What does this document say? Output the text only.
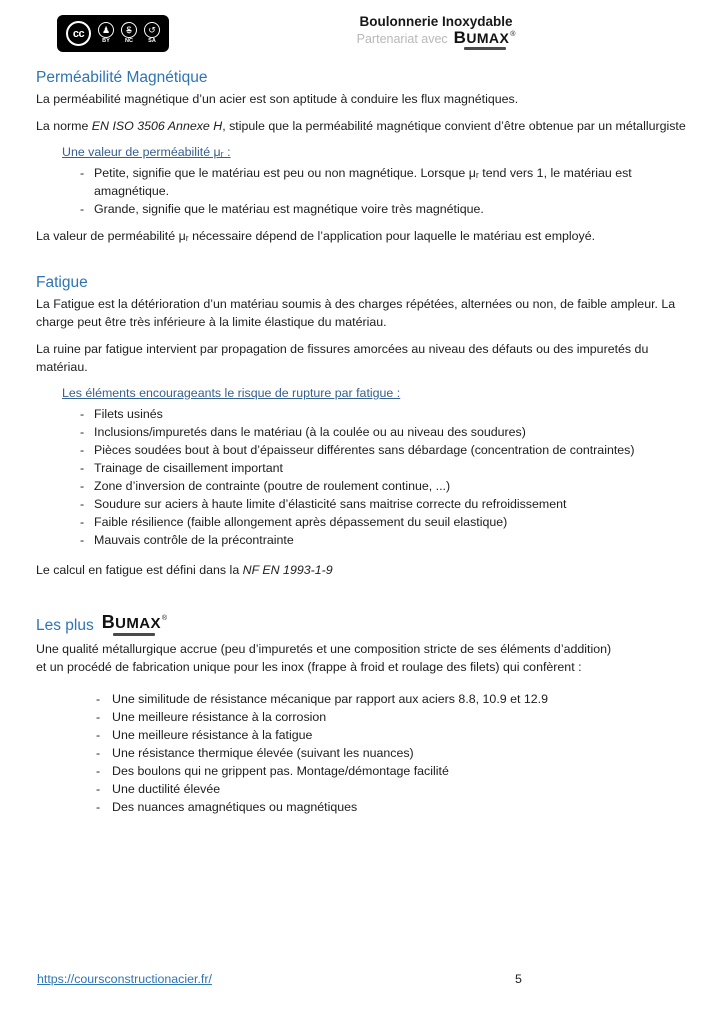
cc ♟
BY
$
NC
↺
SA
Boulonnerie Inoxydable
Partenariat avec BUMAX ®
Perméabilité Magnétique

La perméabilité magnétique d’un acier est son aptitude à conduire les flux magnétiques.

La norme EN ISO 3506 Annexe H, stipule que la perméabilité magnétique convient d’être obtenue par un métallurgiste

Une valeur de perméabilité μᵣ :
- Petite, signifie que le matériau est peu ou non magnétique. Lorsque μᵣ tend vers 1, le matériau est amagnétique.
- Grande, signifie que le matériau est magnétique voire très magnétique.

La valeur de perméabilité μᵣ nécessaire dépend de l’application pour laquelle le matériau est employé.

Fatigue

La Fatigue est la détérioration d’un matériau soumis à des charges répétées, alternées ou non, de faible ampleur. La charge peut être très inférieure à la limite élastique du matériau.

La ruine par fatigue intervient par propagation de fissures amorcées au niveau des défauts ou des impuretés du matériau.

Les éléments encourageants le risque de rupture par fatigue :
- Filets usinés
- Inclusions/impuretés dans le matériau (à la coulée ou au niveau des soudures)
- Pièces soudées bout à bout d’épaisseur différentes sans débardage (concentration de contraintes)
- Trainage de cisaillement important
- Zone d’inversion de contrainte (poutre de roulement continue, ...)
- Soudure sur aciers à haute limite d’élasticité sans maitrise correcte du refroidissement
- Faible résilience (faible allongement après dépassement du seuil elastique)
- Mauvais contrôle de la précontrainte

Le calcul en fatigue est défini dans la NF EN 1993-1-9

Les plus BUMAX ®

Une qualité métallurgique accrue (peu d’impuretés et une composition stricte de ses éléments d’addition)
et un procédé de fabrication unique pour les inox (frappe à froid et roulage des filets) qui confèrent :

- Une similitude de résistance mécanique par rapport aux aciers 8.8, 10.9 et 12.9
- Une meilleure résistance à la corrosion
- Une meilleure résistance à la fatigue
- Une résistance thermique élevée (suivant les nuances)
- Des boulons qui ne grippent pas. Montage/démontage facilité
- Une ductilité élevée
- Des nuances amagnétiques ou magnétiques
https://coursconstructionacier.fr/	5
